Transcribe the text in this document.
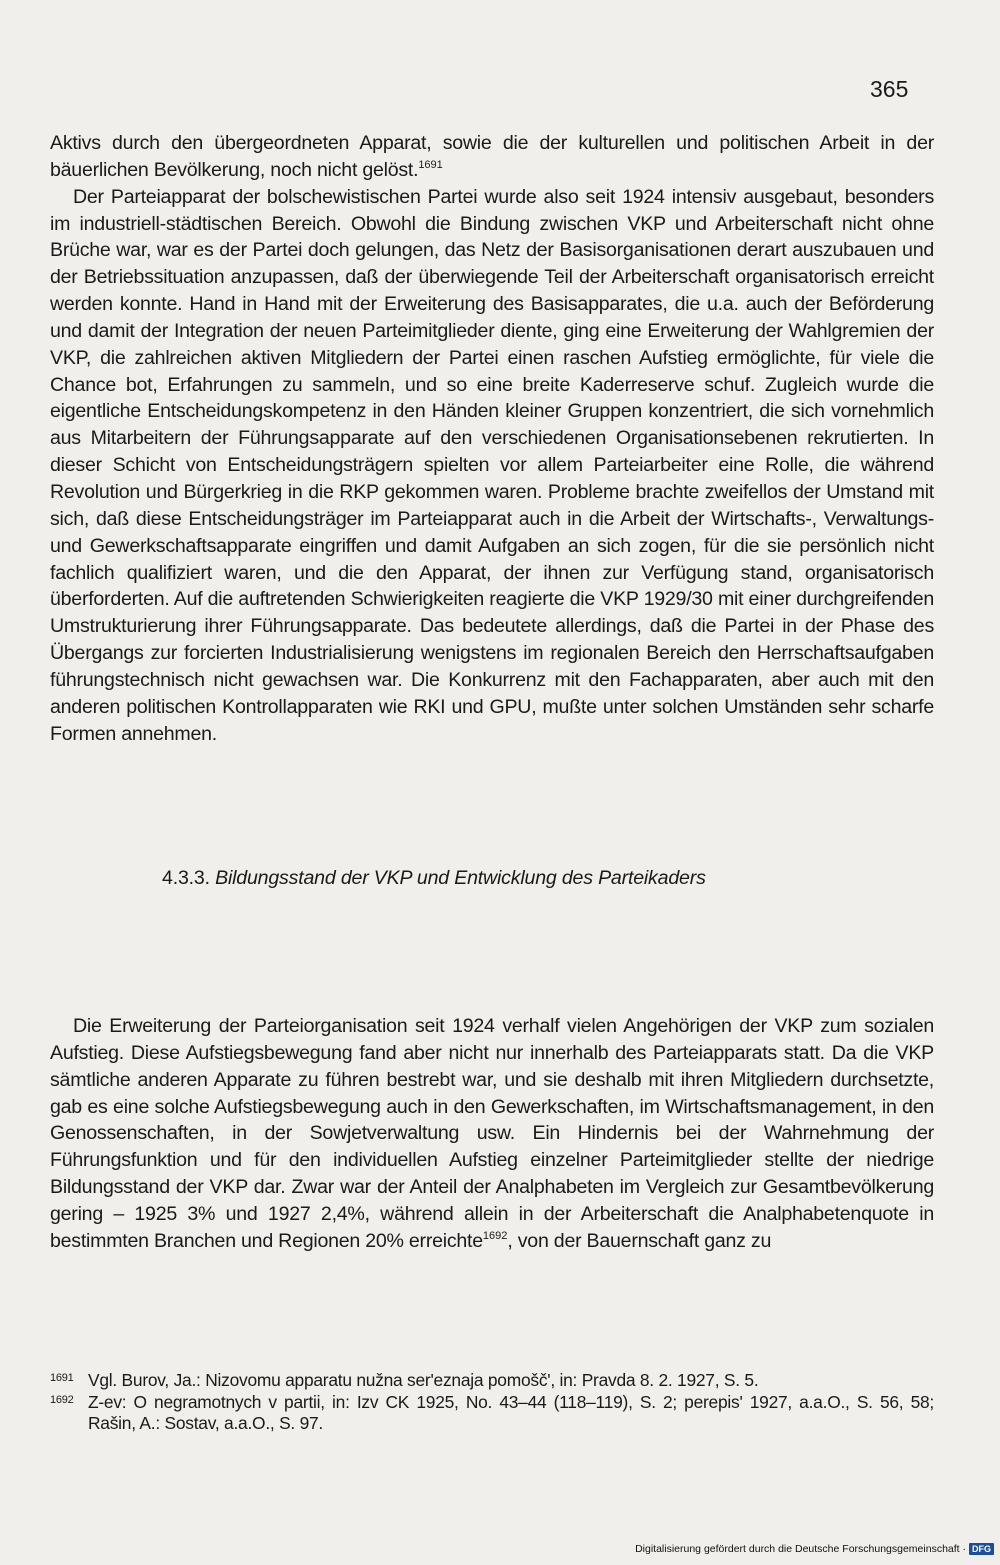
365

Aktivs durch den übergeordneten Apparat, sowie die der kulturellen und politischen Arbeit in der bäuerlichen Bevölkerung, noch nicht gelöst.$^{1691}$

Der Parteiapparat der bolschewistischen Partei wurde also seit 1924 intensiv ausgebaut, besonders im industriell-städtischen Bereich. Obwohl die Bindung zwischen VKP und Arbeiterschaft nicht ohne Brüche war, war es der Partei doch gelungen, das Netz der Basisorganisationen derart auszubauen und der Betriebssituation anzupassen, daß der überwiegende Teil der Arbeiterschaft organisatorisch erreicht werden konnte. Hand in Hand mit der Erweiterung des Basisapparates, die u.a. auch der Beförderung und damit der Integration der neuen Parteimitglieder diente, ging eine Erweiterung der Wahlgremien der VKP, die zahlreichen aktiven Mitgliedern der Partei einen raschen Aufstieg ermöglichte, für viele die Chance bot, Erfahrungen zu sammeln, und so eine breite Kaderreserve schuf. Zugleich wurde die eigentliche Entscheidungskompetenz in den Händen kleiner Gruppen konzentriert, die sich vornehmlich aus Mitarbeitern der Führungsapparate auf den verschiedenen Organisationsebenen rekrutierten. In dieser Schicht von Entscheidungsträgern spielten vor allem Parteiarbeiter eine Rolle, die während Revolution und Bürgerkrieg in die RKP gekommen waren. Probleme brachte zweifellos der Umstand mit sich, daß diese Entscheidungsträger im Parteiapparat auch in die Arbeit der Wirtschafts-, Verwaltungs- und Gewerkschaftsapparate eingriffen und damit Aufgaben an sich zogen, für die sie persönlich nicht fachlich qualifiziert waren, und die den Apparat, der ihnen zur Verfügung stand, organisatorisch überforderten. Auf die auftretenden Schwierigkeiten reagierte die VKP 1929/30 mit einer durchgreifenden Umstrukturierung ihrer Führungsapparate. Das bedeutete allerdings, daß die Partei in der Phase des Übergangs zur forcierten Industrialisierung wenigstens im regionalen Bereich den Herrschaftsaufgaben führungstechnisch nicht gewachsen war. Die Konkurrenz mit den Fachapparaten, aber auch mit den anderen politischen Kontrollapparaten wie RKI und GPU, mußte unter solchen Umständen sehr scharfe Formen annehmen.

4.3.3. Bildungsstand der VKP und Entwicklung des Parteikaders

Die Erweiterung der Parteiorganisation seit 1924 verhalf vielen Angehörigen der VKP zum sozialen Aufstieg. Diese Aufstiegsbewegung fand aber nicht nur innerhalb des Parteiapparats statt. Da die VKP sämtliche anderen Apparate zu führen bestrebt war, und sie deshalb mit ihren Mitgliedern durchsetzte, gab es eine solche Aufstiegsbewegung auch in den Gewerkschaften, im Wirtschaftsmanagement, in den Genossenschaften, in der Sowjetverwaltung usw. Ein Hindernis bei der Wahrnehmung der Führungsfunktion und für den individuellen Aufstieg einzelner Parteimitglieder stellte der niedrige Bildungsstand der VKP dar. Zwar war der Anteil der Analphabeten im Vergleich zur Gesamtbevölkerung gering – 1925 3% und 1927 2,4%, während allein in der Arbeiterschaft die Analphabetenquote in bestimmten Branchen und Regionen 20% erreichte$^{1692}$, von der Bauernschaft ganz zu

1691 Vgl. Burov, Ja.: Nizovomu apparatu nužna ser'eznaja pomošč', in: Pravda 8. 2. 1927, S. 5.
1692 Z-ev: O negramotnych v partii, in: Izv CK 1925, No. 43–44 (118–119), S. 2; perepis' 1927, a.a.O., S. 56, 58; Rašin, A.: Sostav, a.a.O., S. 97.
Digitalisierung gefördert durch die Deutsche Forschungsgemeinschaft · DFG
